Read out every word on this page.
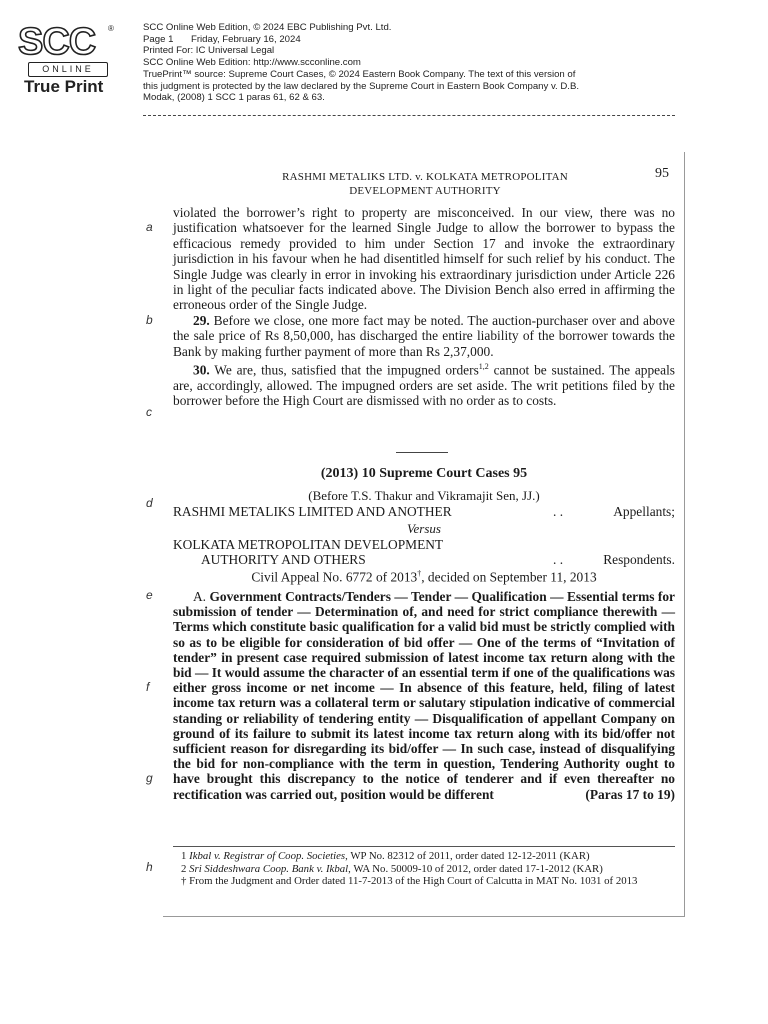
SCC ®
ONLINE
True Print
SCC Online Web Edition, © 2024 EBC Publishing Pvt. Ltd.
Page 1 Friday, February 16, 2024
Printed For: IC Universal Legal
SCC Online Web Edition: http://www.scconline.com
TruePrint™ source: Supreme Court Cases, © 2024 Eastern Book Company. The text of this version of
this judgment is protected by the law declared by the Supreme Court in Eastern Book Company v. D.B.
Modak, (2008) 1 SCC 1 paras 61, 62 & 63.
RASHMI METALIKS LTD. v. KOLKATA METROPOLITAN
DEVELOPMENT AUTHORITY
95
a
b
c
d
e
f
g
h

violated the borrower’s right to property are misconceived. In our view, there was no justification whatsoever for the learned Single Judge to allow the borrower to bypass the efficacious remedy provided to him under Section 17 and invoke the extraordinary jurisdiction in his favour when he had disentitled himself for such relief by his conduct. The Single Judge was clearly in error in invoking his extraordinary jurisdiction under Article 226 in light of the peculiar facts indicated above. The Division Bench also erred in affirming the erroneous order of the Single Judge.

29. Before we close, one more fact may be noted. The auction-purchaser over and above the sale price of Rs 8,50,000, has discharged the entire liability of the borrower towards the Bank by making further payment of more than Rs 2,37,000.

30. We are, thus, satisfied that the impugned orders$^{1,2}$ cannot be sustained. The appeals are, accordingly, allowed. The impugned orders are set aside. The writ petitions filed by the borrower before the High Court are dismissed with no order as to costs.

(2013) 10 Supreme Court Cases 95
(Before T.S. Thakur and Vikramajit Sen, JJ.)
RASHMI METALIKS LIMITED AND ANOTHER	. .	Appellants;
Versus
KOLKATA METROPOLITAN DEVELOPMENT
AUTHORITY AND OTHERS	. .	Respondents.
Civil Appeal No. 6772 of 2013†, decided on September 11, 2013
A. Government Contracts/Tenders — Tender — Qualification — Essential terms for submission of tender — Determination of, and need for strict compliance therewith — Terms which constitute basic qualification for a valid bid must be strictly complied with so as to be eligible for consideration of bid offer — One of the terms of “Invitation of tender” in present case required submission of latest income tax return along with the bid — It would assume the character of an essential term if one of the qualifications was either gross income or net income — In absence of this feature, held, filing of latest income tax return was a collateral term or salutary stipulation indicative of commercial standing or reliability of tendering entity — Disqualification of appellant Company on ground of its failure to submit its latest income tax return along with its bid/offer not sufficient reason for disregarding its bid/offer — In such case, instead of disqualifying the bid for non-compliance with the term in question, Tendering Authority ought to have brought this discrepancy to the notice of tenderer and if even thereafter no rectification was carried out, position would be different	(Paras 17 to 19)
1 Ikbal v. Registrar of Coop. Societies, WP No. 82312 of 2011, order dated 12-12-2011 (KAR)
2 Sri Siddeshwara Coop. Bank v. Ikbal, WA No. 50009-10 of 2012, order dated 17-1-2012 (KAR)
† From the Judgment and Order dated 11-7-2013 of the High Court of Calcutta in MAT No. 1031 of 2013
